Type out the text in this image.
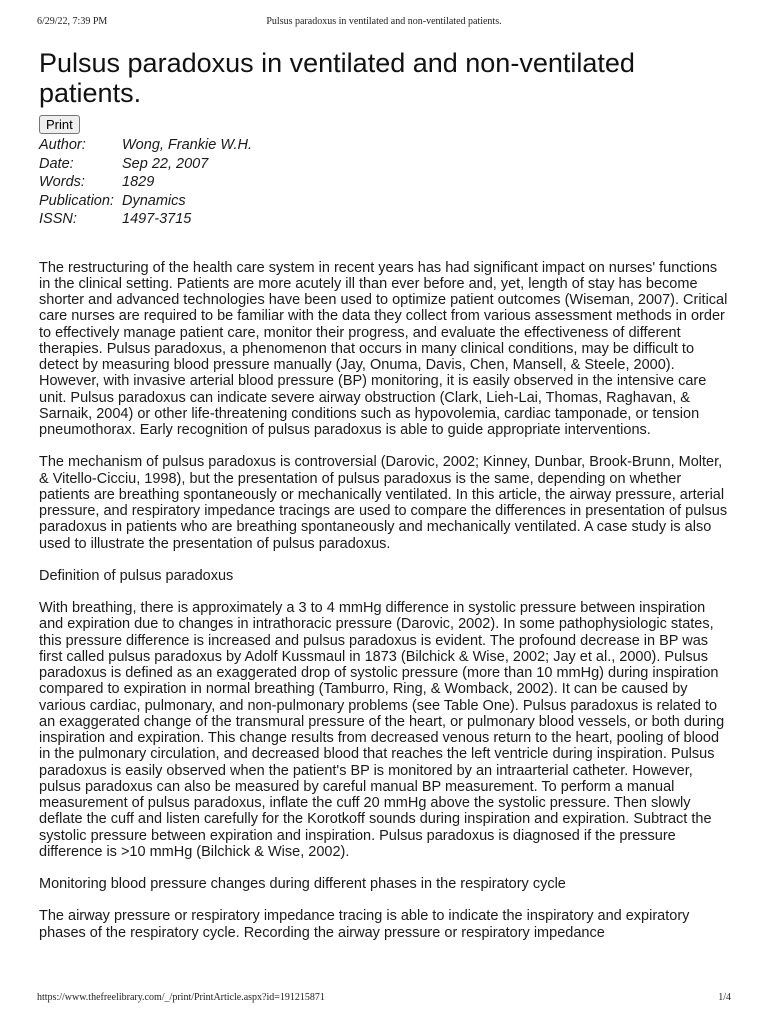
6/29/22, 7:39 PM	Pulsus paradoxus in ventilated and non-ventilated patients.
Pulsus paradoxus in ventilated and non-ventilated patients.
Print
Author:	Wong, Frankie W.H.
Date:	Sep 22, 2007
Words:	1829
Publication:	Dynamics
ISSN:	1497-3715

The restructuring of the health care system in recent years has had significant impact on nurses' functions in the clinical setting. Patients are more acutely ill than ever before and, yet, length of stay has become shorter and advanced technologies have been used to optimize patient outcomes (Wiseman, 2007). Critical care nurses are required to be familiar with the data they collect from various assessment methods in order to effectively manage patient care, monitor their progress, and evaluate the effectiveness of different therapies. Pulsus paradoxus, a phenomenon that occurs in many clinical conditions, may be difficult to detect by measuring blood pressure manually (Jay, Onuma, Davis, Chen, Mansell, & Steele, 2000). However, with invasive arterial blood pressure (BP) monitoring, it is easily observed in the intensive care unit. Pulsus paradoxus can indicate severe airway obstruction (Clark, Lieh-Lai, Thomas, Raghavan, & Sarnaik, 2004) or other life-threatening conditions such as hypovolemia, cardiac tamponade, or tension pneumothorax. Early recognition of pulsus paradoxus is able to guide appropriate interventions.

The mechanism of pulsus paradoxus is controversial (Darovic, 2002; Kinney, Dunbar, Brook-Brunn, Molter, & Vitello-Cicciu, 1998), but the presentation of pulsus paradoxus is the same, depending on whether patients are breathing spontaneously or mechanically ventilated. In this article, the airway pressure, arterial pressure, and respiratory impedance tracings are used to compare the differences in presentation of pulsus paradoxus in patients who are breathing spontaneously and mechanically ventilated. A case study is also used to illustrate the presentation of pulsus paradoxus.

Definition of pulsus paradoxus

With breathing, there is approximately a 3 to 4 mmHg difference in systolic pressure between inspiration and expiration due to changes in intrathoracic pressure (Darovic, 2002). In some pathophysiologic states, this pressure difference is increased and pulsus paradoxus is evident. The profound decrease in BP was first called pulsus paradoxus by Adolf Kussmaul in 1873 (Bilchick & Wise, 2002; Jay et al., 2000). Pulsus paradoxus is defined as an exaggerated drop of systolic pressure (more than 10 mmHg) during inspiration compared to expiration in normal breathing (Tamburro, Ring, & Womback, 2002). It can be caused by various cardiac, pulmonary, and non-pulmonary problems (see Table One). Pulsus paradoxus is related to an exaggerated change of the transmural pressure of the heart, or pulmonary blood vessels, or both during inspiration and expiration. This change results from decreased venous return to the heart, pooling of blood in the pulmonary circulation, and decreased blood that reaches the left ventricle during inspiration. Pulsus paradoxus is easily observed when the patient's BP is monitored by an intraarterial catheter. However, pulsus paradoxus can also be measured by careful manual BP measurement. To perform a manual measurement of pulsus paradoxus, inflate the cuff 20 mmHg above the systolic pressure. Then slowly deflate the cuff and listen carefully for the Korotkoff sounds during inspiration and expiration. Subtract the systolic pressure between expiration and inspiration. Pulsus paradoxus is diagnosed if the pressure difference is >10 mmHg (Bilchick & Wise, 2002).

Monitoring blood pressure changes during different phases in the respiratory cycle

The airway pressure or respiratory impedance tracing is able to indicate the inspiratory and expiratory phases of the respiratory cycle. Recording the airway pressure or respiratory impedance

https://www.thefreelibrary.com/_/print/PrintArticle.aspx?id=191215871	1/4
